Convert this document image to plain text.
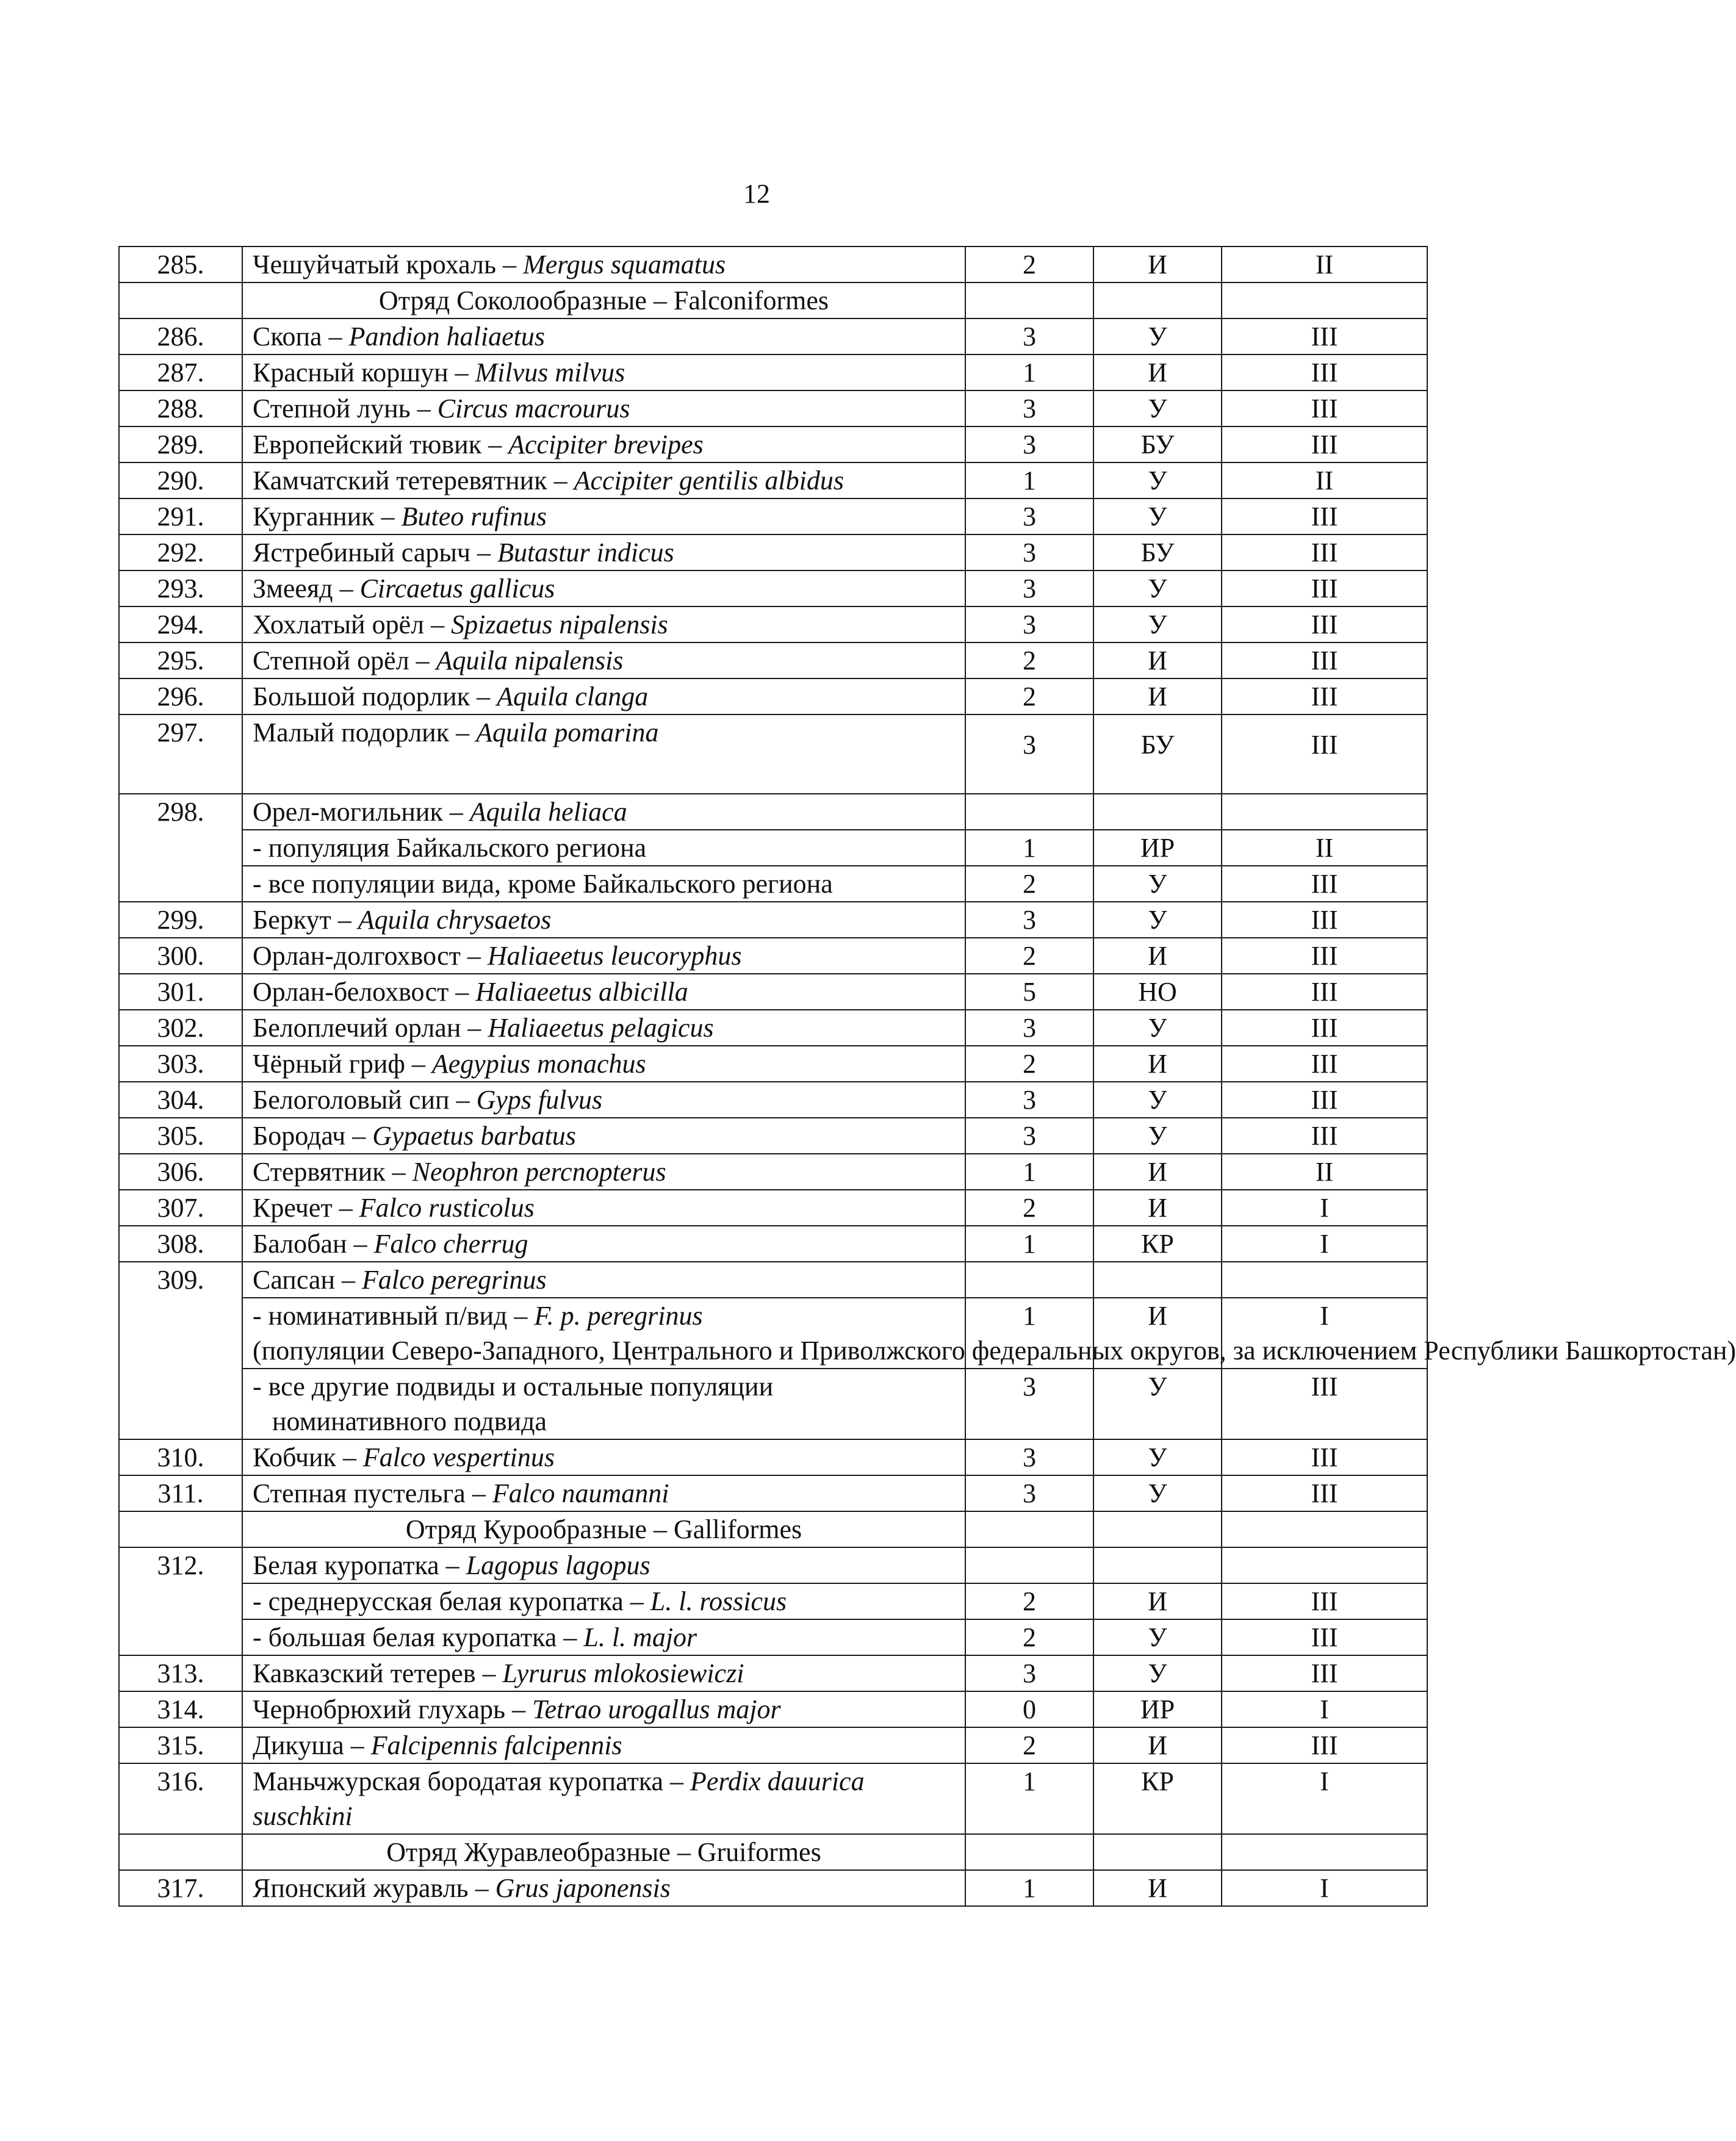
12
285.	Чешуйчатый крохаль – Mergus squamatus	2	И	II
	Отряд Соколообразные – Falconiformes			
286.	Скопа – Pandion haliaetus	3	У	III
287.	Красный коршун – Milvus milvus	1	И	III
288.	Степной лунь – Circus macrourus	3	У	III
289.	Европейский тювик – Accipiter brevipes	3	БУ	III
290.	Камчатский тетеревятник – Accipiter gentilis albidus	1	У	II
291.	Курганник – Buteo rufinus	3	У	III
292.	Ястребиный сарыч – Butastur indicus	3	БУ	III
293.	Змееяд – Circaetus gallicus	3	У	III
294.	Хохлатый орёл – Spizaetus nipalensis	3	У	III
295.	Степной орёл – Aquila nipalensis	2	И	III
296.	Большой подорлик – Aquila clanga	2	И	III
297.	Малый подорлик – Aquila pomarina	3	БУ	III
298.	Орел-могильник – Aquila heliaca			
	- популяция Байкальского региона	1	ИР	II
	- все популяции вида, кроме Байкальского региона	2	У	III
299.	Беркут – Aquila chrysaetos	3	У	III
300.	Орлан-долгохвост – Haliaeetus leucoryphus	2	И	III
301.	Орлан-белохвост – Haliaeetus albicilla	5	НО	III
302.	Белоплечий орлан – Haliaeetus pelagicus	3	У	III
303.	Чёрный гриф – Aegypius monachus	2	И	III
304.	Белоголовый сип – Gyps fulvus	3	У	III
305.	Бородач – Gypaetus barbatus	3	У	III
306.	Стервятник – Neophron percnopterus	1	И	II
307.	Кречет – Falco rusticolus	2	И	I
308.	Балобан – Falco cherrug	1	КР	I
309.	Сапсан – Falco peregrinus			
	- номинативный п/вид – F. p. peregrinus
(популяции Северо-Западного, Центрального и Приволжского федеральных округов, за исключением Республики Башкортостан)	1	И	I
	- все другие подвиды и остальные популяции
номинативного подвида	3	У	III
310.	Кобчик – Falco vespertinus	3	У	III
311.	Степная пустельга – Falco naumanni	3	У	III
	Отряд Курообразные – Galliformes			
312.	Белая куропатка – Lagopus lagopus			
	- среднерусская белая куропатка – L. l. rossicus	2	И	III
	- большая белая куропатка – L. l. major	2	У	III
313.	Кавказский тетерев – Lyrurus mlokosiewiczi	3	У	III
314.	Чернобрюхий глухарь – Tetrao urogallus major	0	ИР	I
315.	Дикуша – Falcipennis falcipennis	2	И	III
316.	Маньчжурская бородатая куропатка – Perdix dauurica
suschkini	1	КР	I
	Отряд Журавлеобразные – Gruiformes			
317.	Японский журавль – Grus japonensis	1	И	I
